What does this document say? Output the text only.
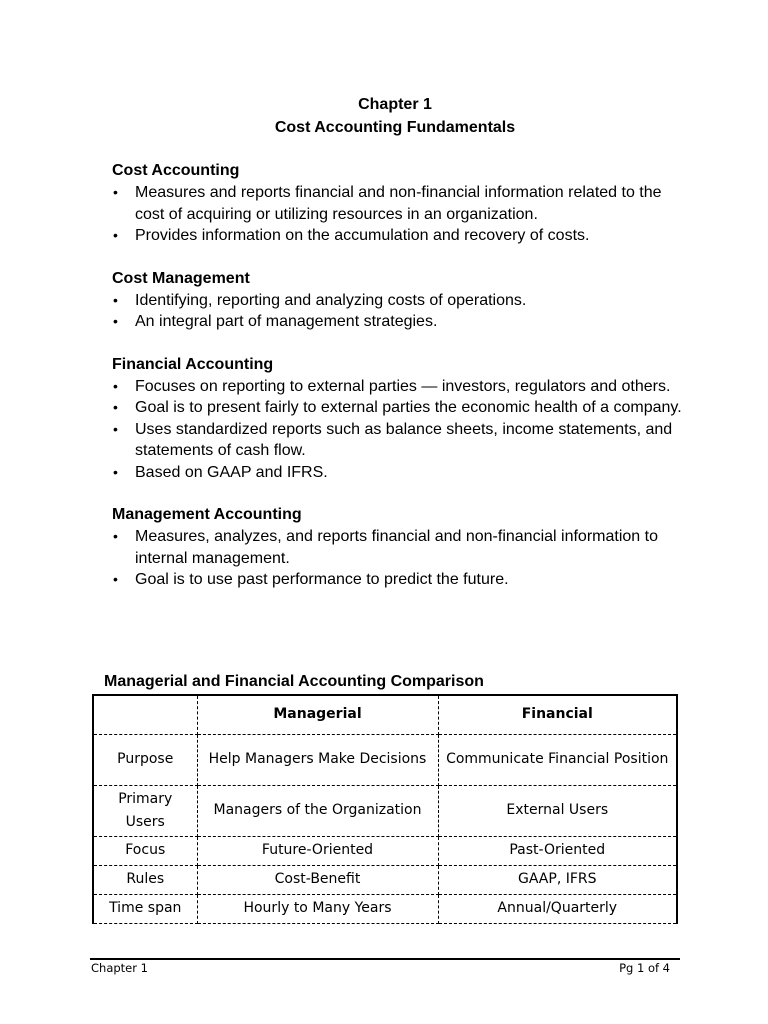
Chapter 1
Cost Accounting Fundamentals
Cost Accounting
• Measures and reports financial and non-financial information related to the cost of acquiring or utilizing resources in an organization.
• Provides information on the accumulation and recovery of costs.
Cost Management
• Identifying, reporting and analyzing costs of operations.
• An integral part of management strategies.
Financial Accounting
• Focuses on reporting to external parties — investors, regulators and others.
• Goal is to present fairly to external parties the economic health of a company.
• Uses standardized reports such as balance sheets, income statements, and statements of cash flow.
• Based on GAAP and IFRS.
Management Accounting
• Measures, analyzes, and reports financial and non-financial information to internal management.
• Goal is to use past performance to predict the future.
Managerial and Financial Accounting Comparison
	Managerial	Financial
Purpose	Help Managers Make Decisions	Communicate Financial Position
Primary Users	Managers of the Organization	External Users
Focus	Future-Oriented	Past-Oriented
Rules	Cost-Benefit	GAAP, IFRS
Time span	Hourly to Many Years	Annual/Quarterly
Chapter 1	Pg 1 of 4
